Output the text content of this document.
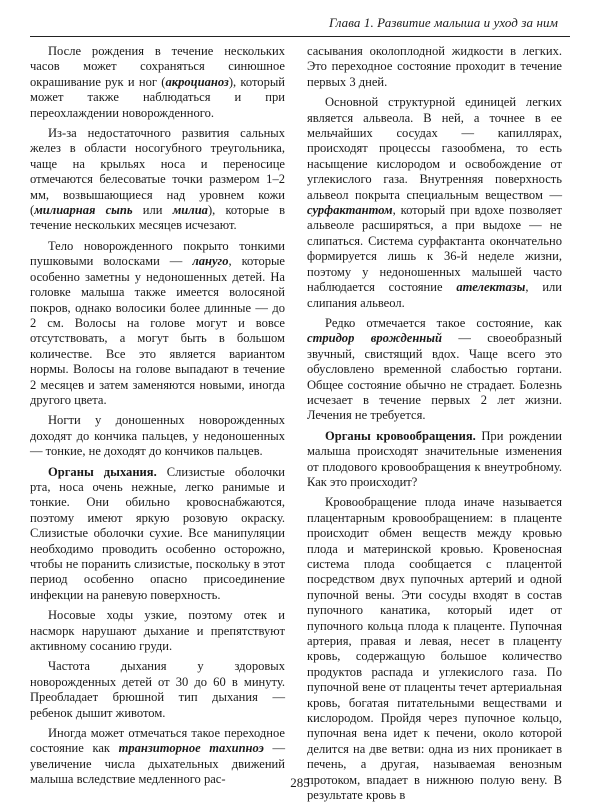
Глава 1. Развитие малыша и уход за ним

После рождения в течение нескольких часов может сохраняться синюшное окрашивание рук и ног (акроцианоз), который может также наблюдаться и при переохлаждении новорожденного.

Из-за недостаточного развития сальных желез в области носогубного треугольника, чаще на крыльях носа и переносице отмечаются белесоватые точки размером 1–2 мм, возвышающиеся над уровнем кожи (милиарная сыпь или милиа), которые в течение нескольких месяцев исчезают.

Тело новорожденного покрыто тонкими пушковыми волосками — лануго, которые особенно заметны у недоношенных детей. На головке малыша также имеется волосяной покров, однако волосики более длинные — до 2 см. Волосы на голове могут и вовсе отсутствовать, а могут быть в большом количестве. Все это является вариантом нормы. Волосы на голове выпадают в течение 2 месяцев и затем заменяются новыми, иногда другого цвета.

Ногти у доношенных новорожденных доходят до кончика пальцев, у недоношенных — тонкие, не доходят до кончиков пальцев.

Органы дыхания. Слизистые оболочки рта, носа очень нежные, легко ранимые и тонкие. Они обильно кровоснабжаются, поэтому имеют яркую розовую окраску. Слизистые оболочки сухие. Все манипуляции необходимо проводить особенно осторожно, чтобы не поранить слизистые, поскольку в этот период особенно опасно присоединение инфекции на раневую поверхность.

Носовые ходы узкие, поэтому отек и насморк нарушают дыхание и препятствуют активному сосанию груди.

Частота дыхания у здоровых новорожденных детей от 30 до 60 в минуту. Преобладает брюшной тип дыхания — ребенок дышит животом.

Иногда может отмечаться такое переходное состояние как транзиторное тахипноэ — увеличение числа дыхательных движений малыша вследствие медленного рас-

сасывания околоплодной жидкости в легких. Это переходное состояние проходит в течение первых 3 дней.

Основной структурной единицей легких является альвеола. В ней, а точнее в ее мельчайших сосудах — капиллярах, происходят процессы газообмена, то есть насыщение кислородом и освобождение от углекислого газа. Внутренняя поверхность альвеол покрыта специальным веществом — сурфактантом, который при вдохе позволяет альвеоле расширяться, а при выдохе — не слипаться. Система сурфактанта окончательно формируется лишь к 36-й неделе жизни, поэтому у недоношенных малышей часто наблюдается состояние ателектазы, или слипания альвеол.

Редко отмечается такое состояние, как стридор врожденный — своеобразный звучный, свистящий вдох. Чаще всего это обусловлено временной слабостью гортани. Общее состояние обычно не страдает. Болезнь исчезает в течение первых 2 лет жизни. Лечения не требуется.

Органы кровообращения. При рождении малыша происходят значительные изменения от плодового кровообращения к внеутробному. Как это происходит?

Кровообращение плода иначе называется плацентарным кровообращением: в плаценте происходит обмен веществ между кровью плода и материнской кровью. Кровеносная система плода сообщается с плацентой посредством двух пупочных артерий и одной пупочной вены. Эти сосуды входят в состав пупочного канатика, который идет от пупочного кольца плода к плаценте. Пупочная артерия, правая и левая, несет в плаценту кровь, содержащую большое количество продуктов распада и углекислого газа. По пупочной вене от плаценты течет артериальная кровь, богатая питательными веществами и кислородом. Пройдя через пупочное кольцо, пупочная вена идет к печени, около которой делится на две ветви: одна из них проникает в печень, а другая, называемая венозным протоком, впадает в нижнюю полую вену. В результате кровь в

285
